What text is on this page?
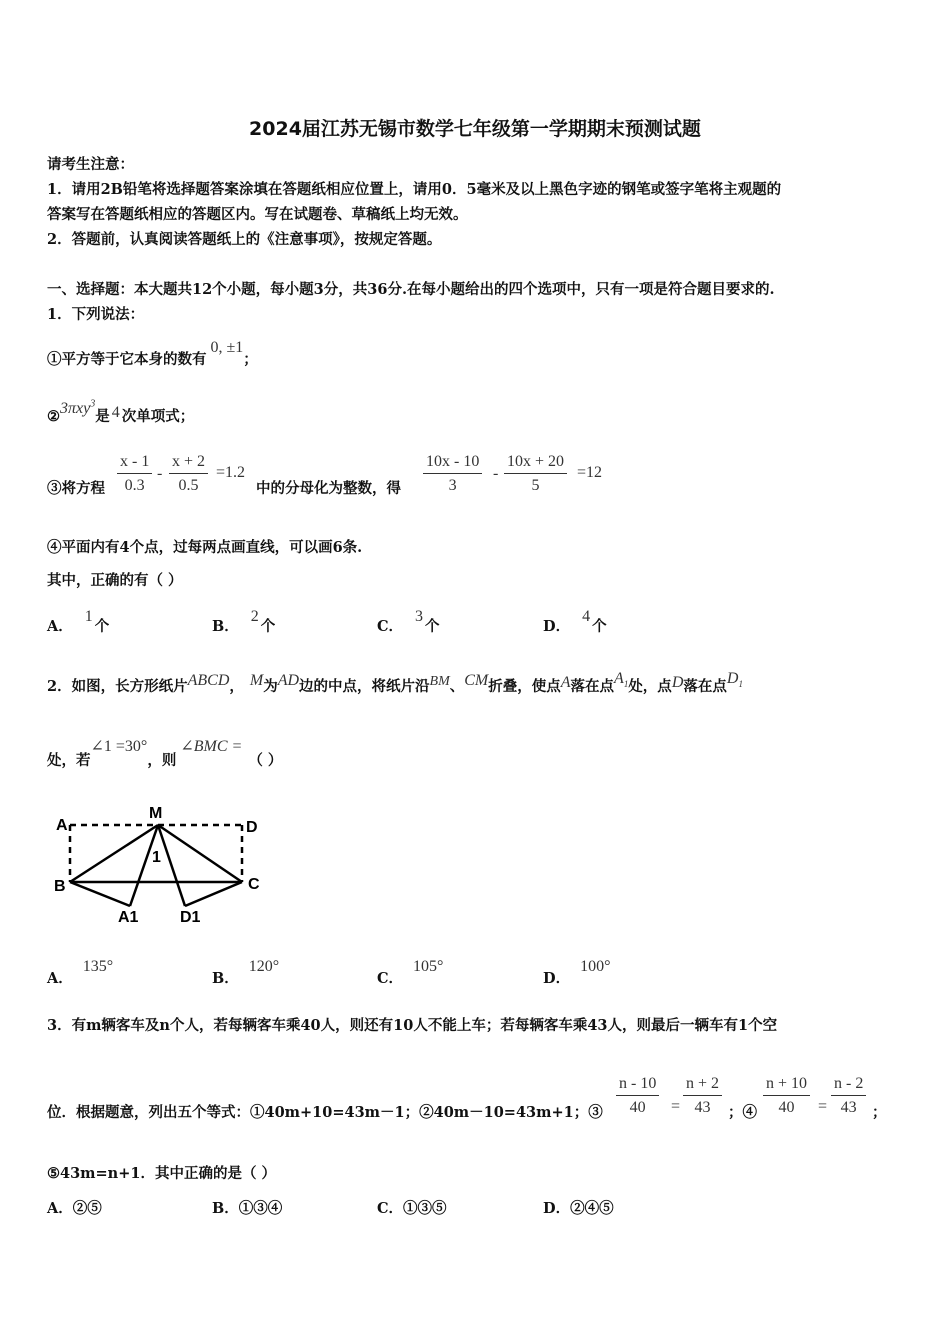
2024届江苏无锡市数学七年级第一学期期末预测试题
请考生注意：
1．请用2B铅笔将选择题答案涂填在答题纸相应位置上，请用0．5毫米及以上黑色字迹的钢笔或签字笔将主观题的
答案写在答题纸相应的答题区内。写在试题卷、草稿纸上均无效。
2．答题前，认真阅读答题纸上的《注意事项》，按规定答题。
一、选择题：本大题共12个小题，每小题3分，共36分.在每小题给出的四个选项中，只有一项是符合题目要求的.
1．下列说法：
①平方等于它本身的数有0, ±1；
②3πxy$^3$是 4 次单项式；
③将方程
x - 1
0.3
-
x + 2
0.5
=1.2
中的分母化为整数，得
10x - 10
3
-
10x + 20
5
=12
④平面内有4个点，过每两点画直线，可以画6条.
其中，正确的有（ ）
A．1个	B．2个	C．3个	D．4个
2．如图，长方形纸片ABCD， M为AD边的中点，将纸片沿BM、CM折叠，使点A落在点$A_1$处，点D落在点$D_1$
处，若∠1 =30°，则∠BMC =（ ）
A
M
D
B	C
1
A1	D1
A．135°
B．120°
C．105°
D．100°
3．有m辆客车及n个人，若每辆客车乘40人，则还有10人不能上车；若每辆客车乘43人，则最后一辆车有1个空
位．根据题意，列出五个等式：①40m+10=43m－1；②40m－10=43m+1；③
n - 10
40	=
n + 2
43	；④
n + 10
40	=
n - 2
43	；
⑤43m=n+1．其中正确的是（ ）
A．②⑤	B．①③④	C．①③⑤	D．②④⑤
